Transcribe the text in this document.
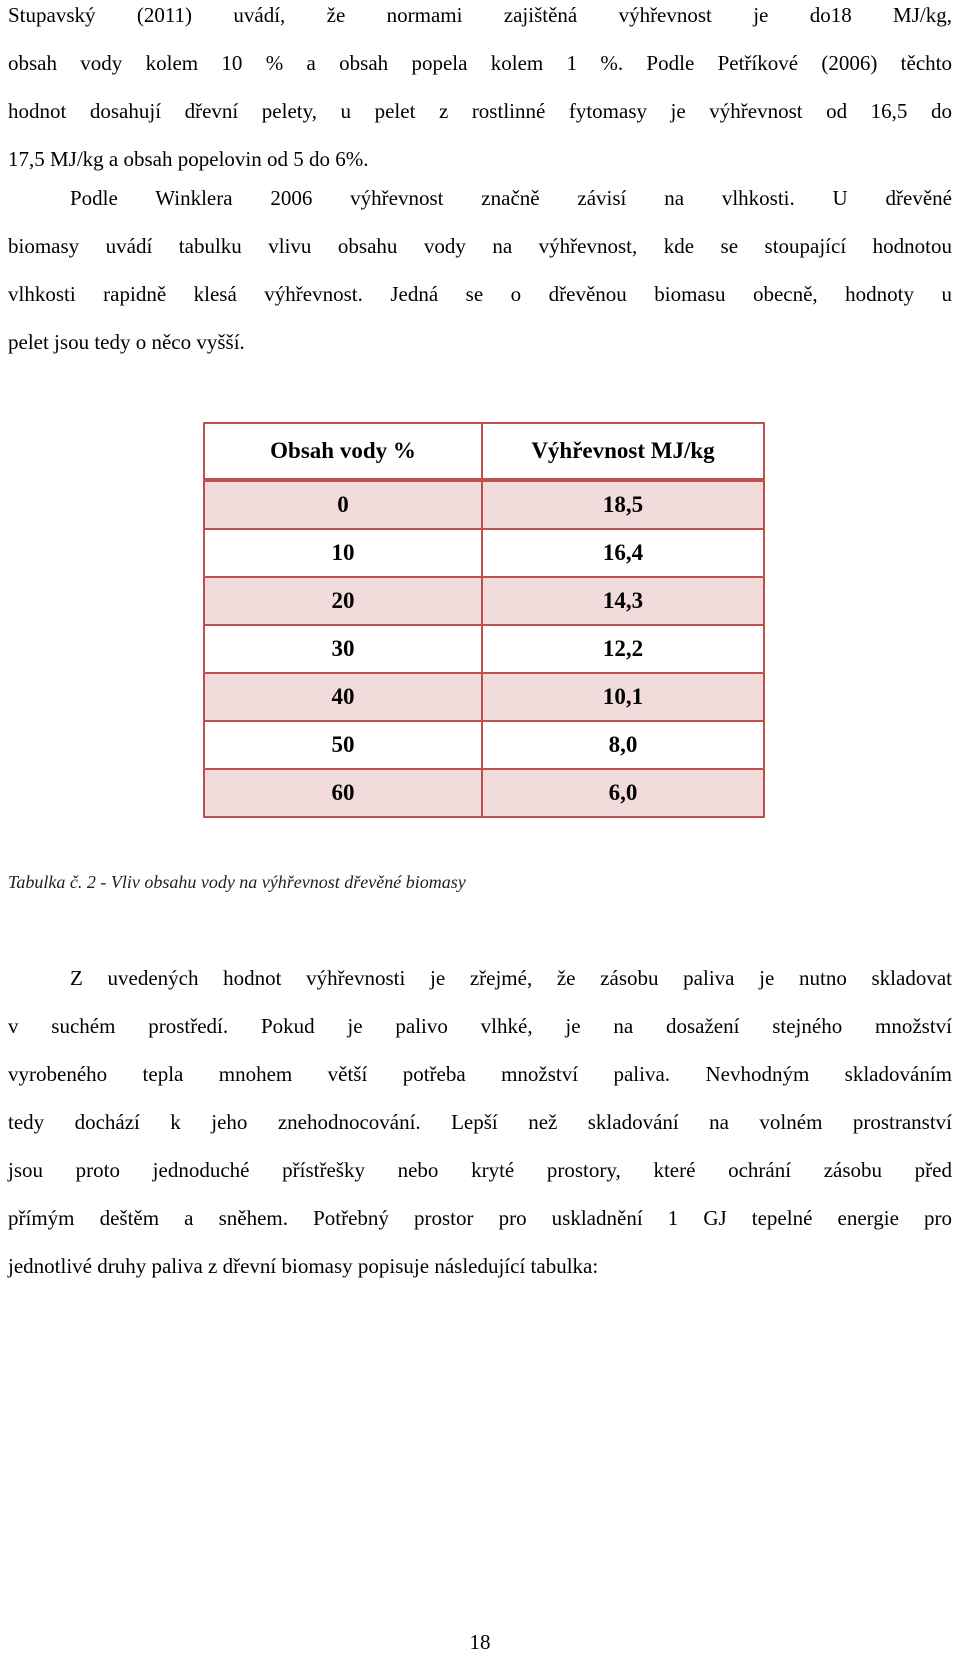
Stupavský (2011) uvádí, že normami zajištěná výhřevnost je do18 MJ/kg,
obsah vody kolem 10 % a obsah popela kolem 1 %. Podle Petříkové (2006) těchto
hodnot dosahují dřevní pelety, u pelet z rostlinné fytomasy je výhřevnost od 16,5 do
17,5 MJ/kg a obsah popelovin od 5 do 6%.
Podle Winklera 2006 výhřevnost značně závisí na vlhkosti. U dřevěné
biomasy uvádí tabulku vlivu obsahu vody na výhřevnost, kde se stoupající hodnotou
vlhkosti rapidně klesá výhřevnost. Jedná se o dřevěnou biomasu obecně, hodnoty u
pelet jsou tedy o něco vyšší.
Obsah vody %	Výhřevnost MJ/kg
0	18,5
10	16,4
20	14,3
30	12,2
40	10,1
50	8,0
60	6,0
Tabulka č. 2 - Vliv obsahu vody na výhřevnost dřevěné biomasy
Z uvedených hodnot výhřevnosti je zřejmé, že zásobu paliva je nutno skladovat
v suchém prostředí. Pokud je palivo vlhké, je na dosažení stejného množství
vyrobeného tepla mnohem větší potřeba množství paliva. Nevhodným skladováním
tedy dochází k jeho znehodnocování. Lepší než skladování na volném prostranství
jsou proto jednoduché přístřešky nebo kryté prostory, které ochrání zásobu před
přímým deštěm a sněhem. Potřebný prostor pro uskladnění 1 GJ tepelné energie pro
jednotlivé druhy paliva z dřevní biomasy popisuje následující tabulka:
18
